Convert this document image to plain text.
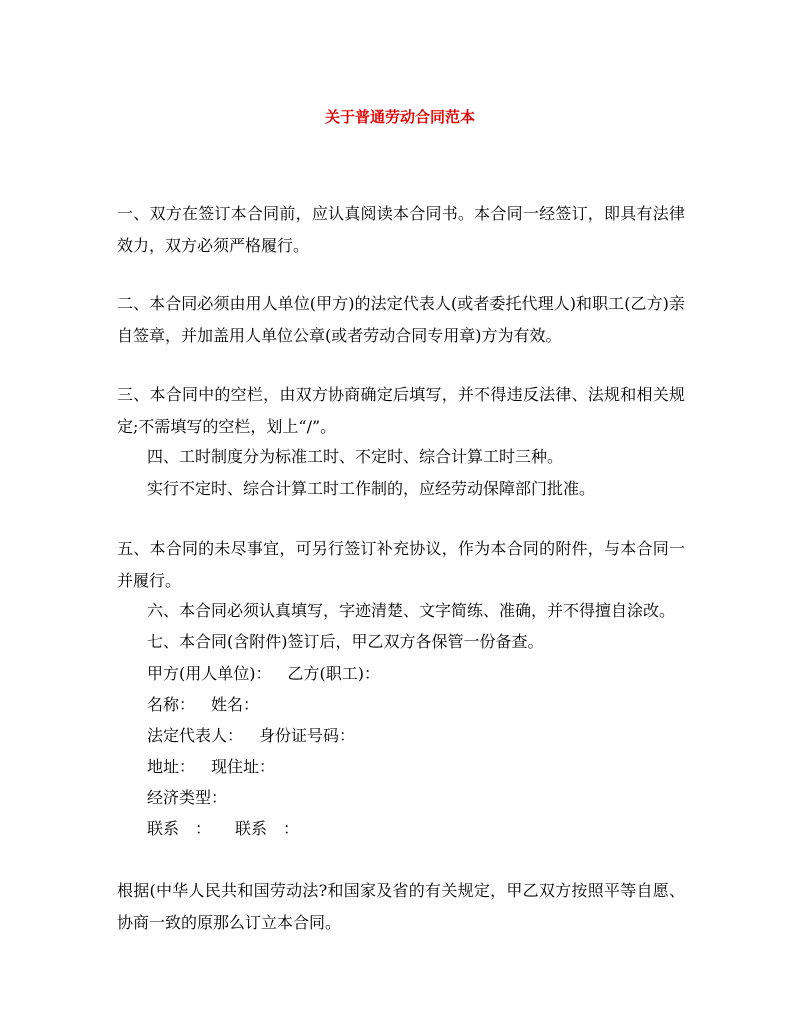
关于普通劳动合同范本

一、双方在签订本合同前，应认真阅读本合同书。本合同一经签订，即具有法律效力，双方必须严格履行。

二、本合同必须由用人单位(甲方)的法定代表人(或者委托代理人)和职工(乙方)亲自签章，并加盖用人单位公章(或者劳动合同专用章)方为有效。

三、本合同中的空栏，由双方协商确定后填写，并不得违反法律、法规和相关规定;不需填写的空栏，划上“/”。

四、工时制度分为标准工时、不定时、综合计算工时三种。

实行不定时、综合计算工时工作制的，应经劳动保障部门批准。

五、本合同的未尽事宜，可另行签订补充协议，作为本合同的附件，与本合同一并履行。

六、本合同必须认真填写，字迹清楚、文字简练、准确，并不得擅自涂改。

七、本合同(含附件)签订后，甲乙双方各保管一份备查。

甲方(用人单位)： 乙方(职工)：

名称： 姓名：

法定代表人： 身份证号码：

地址： 现住址：

经济类型：

联系　： 联系　：

根据(中华人民共和国劳动法?和国家及省的有关规定，甲乙双方按照平等自愿、协商一致的原那么订立本合同。
